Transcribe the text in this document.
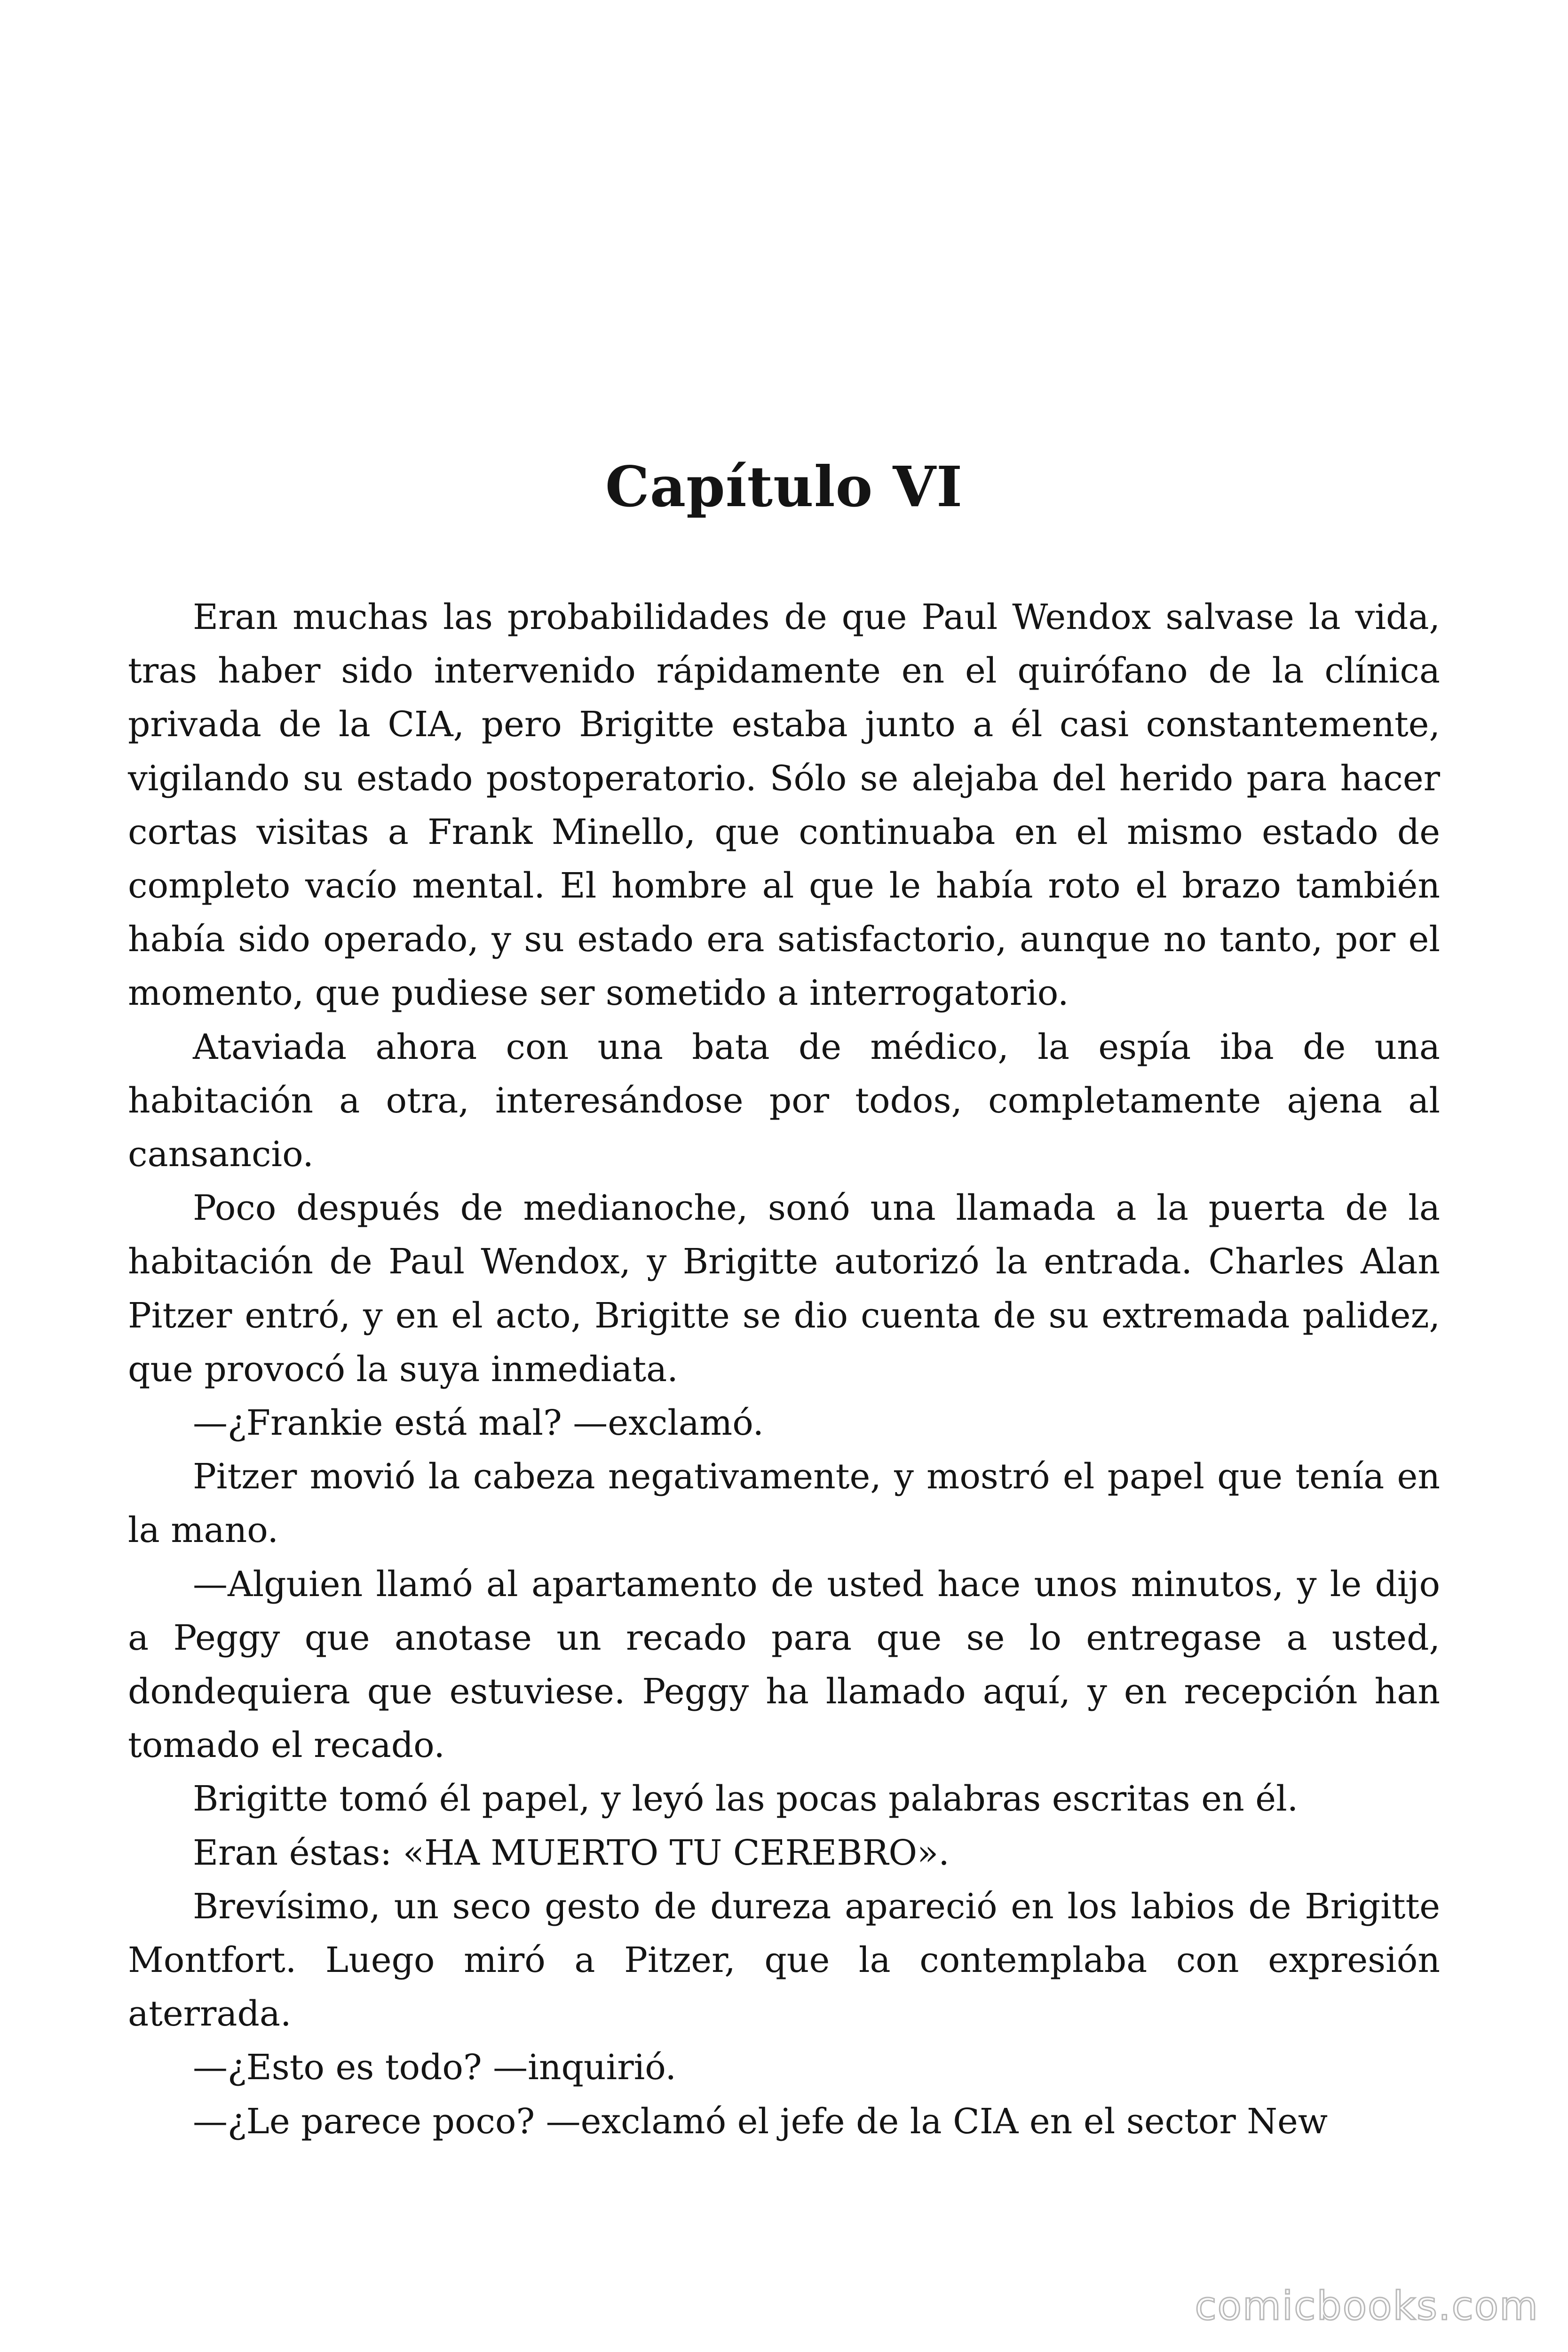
Capítulo VI

Eran muchas las probabilidades de que Paul Wendox salvase la vida, tras haber sido intervenido rápidamente en el quirófano de la clínica privada de la CIA, pero Brigitte estaba junto a él casi constantemente, vigilando su estado postoperatorio. Sólo se alejaba del herido para hacer cortas visitas a Frank Minello, que continuaba en el mismo estado de completo vacío mental. El hombre al que le había roto el brazo también había sido operado, y su estado era satisfactorio, aunque no tanto, por el momento, que pudiese ser sometido a interrogatorio.

Ataviada ahora con una bata de médico, la espía iba de una habitación a otra, interesándose por todos, completamente ajena al cansancio.

Poco después de medianoche, sonó una llamada a la puerta de la habitación de Paul Wendox, y Brigitte autorizó la entrada. Charles Alan Pitzer entró, y en el acto, Brigitte se dio cuenta de su extremada palidez, que provocó la suya inmediata.

—¿Frankie está mal? —exclamó.

Pitzer movió la cabeza negativamente, y mostró el papel que tenía en la mano.

—Alguien llamó al apartamento de usted hace unos minutos, y le dijo a Peggy que anotase un recado para que se lo entregase a usted, dondequiera que estuviese. Peggy ha llamado aquí, y en recepción han tomado el recado.

Brigitte tomó él papel, y leyó las pocas palabras escritas en él.

Eran éstas: «HA MUERTO TU CEREBRO».

Brevísimo, un seco gesto de dureza apareció en los labios de Brigitte Montfort. Luego miró a Pitzer, que la contemplaba con expresión aterrada.

—¿Esto es todo? —inquirió.

—¿Le parece poco? —exclamó el jefe de la CIA en el sector New

comicbooks.com
